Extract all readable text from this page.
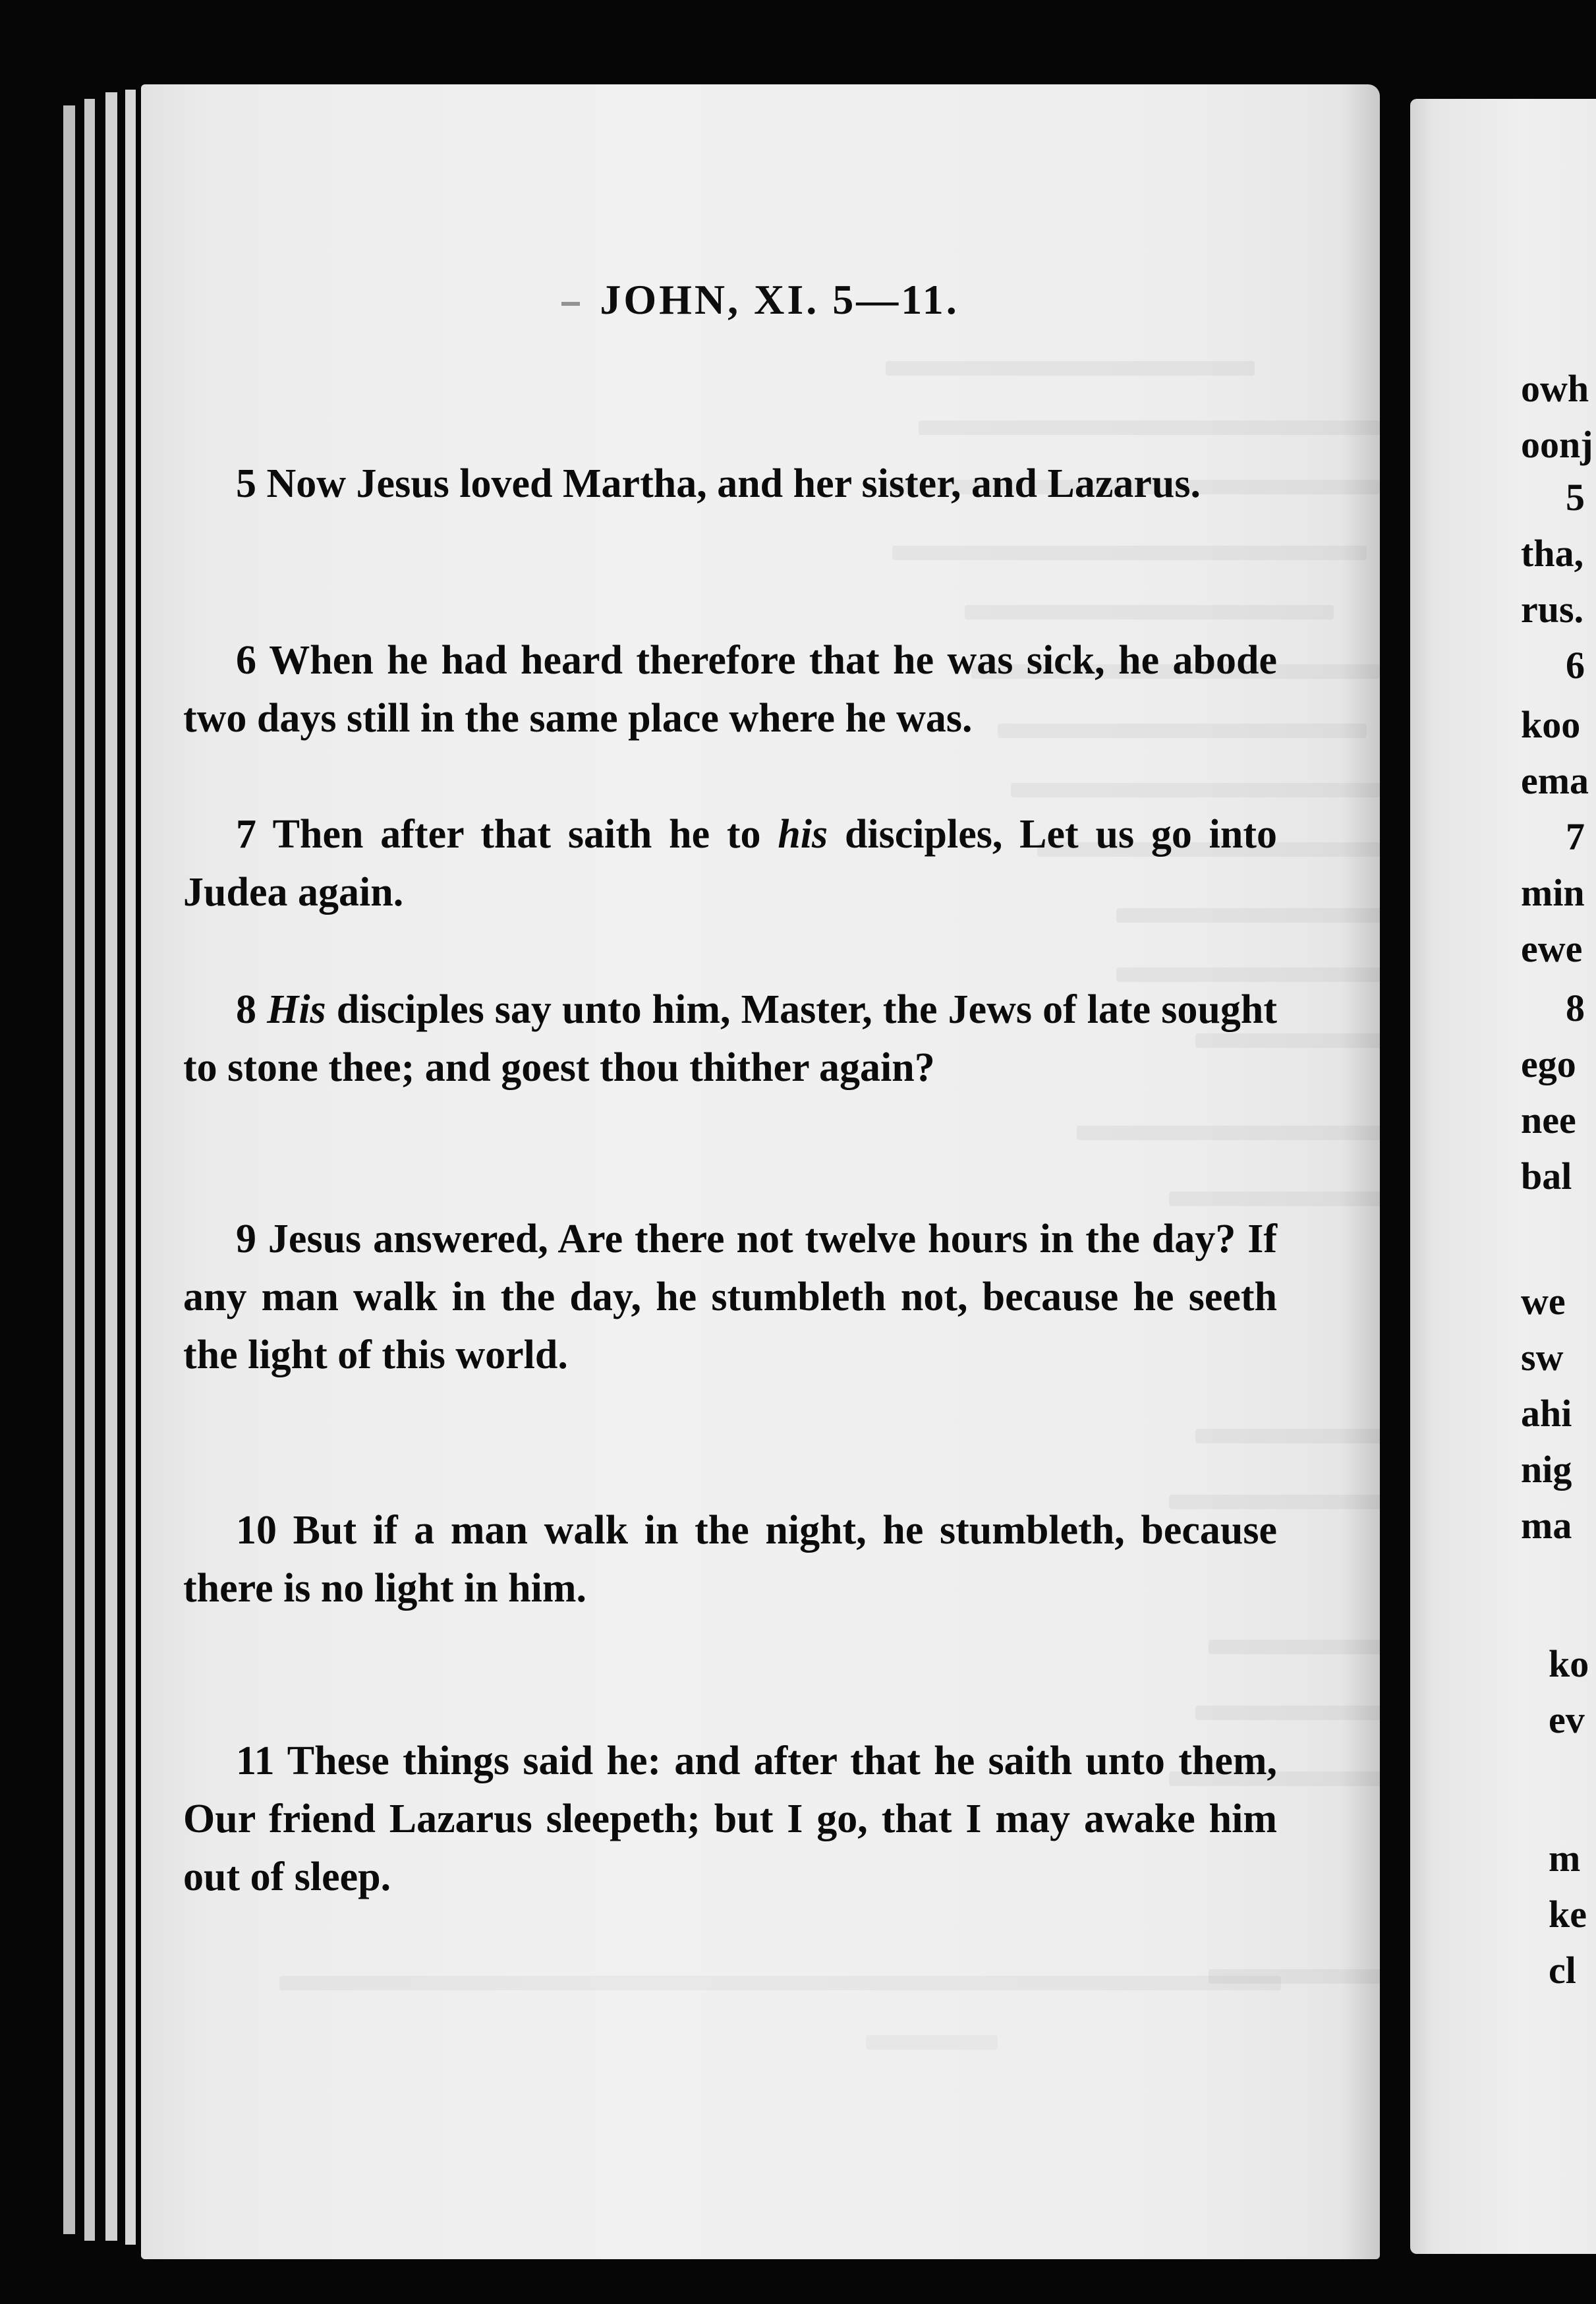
JOHN, XI. 5—11.

5 Now Jesus loved Martha, and her sister, and Lazarus.

6 When he had heard therefore that he was sick, he abode two days still in the same place where he was.

7 Then after that saith he to his disciples, Let us go into Judea again.

8 His disciples say unto him, Master, the Jews of late sought to stone thee; and goest thou thither again?

9 Jesus answered, Are there not twelve hours in the day? If any man walk in the day, he stumbleth not, because he seeth the light of this world.

10 But if a man walk in the night, he stumbleth, because there is no light in him.

11 These things said he: and after that he saith unto them, Our friend Lazarus sleepeth; but I go, that I may awake him out of sleep.

owh
oonj
5
tha,
rus.
6
koo
ema
7
min
ewe
8
ego
nee
bal
we
sw
ahi
nig
ma
ko
ev
m
ke
cl
